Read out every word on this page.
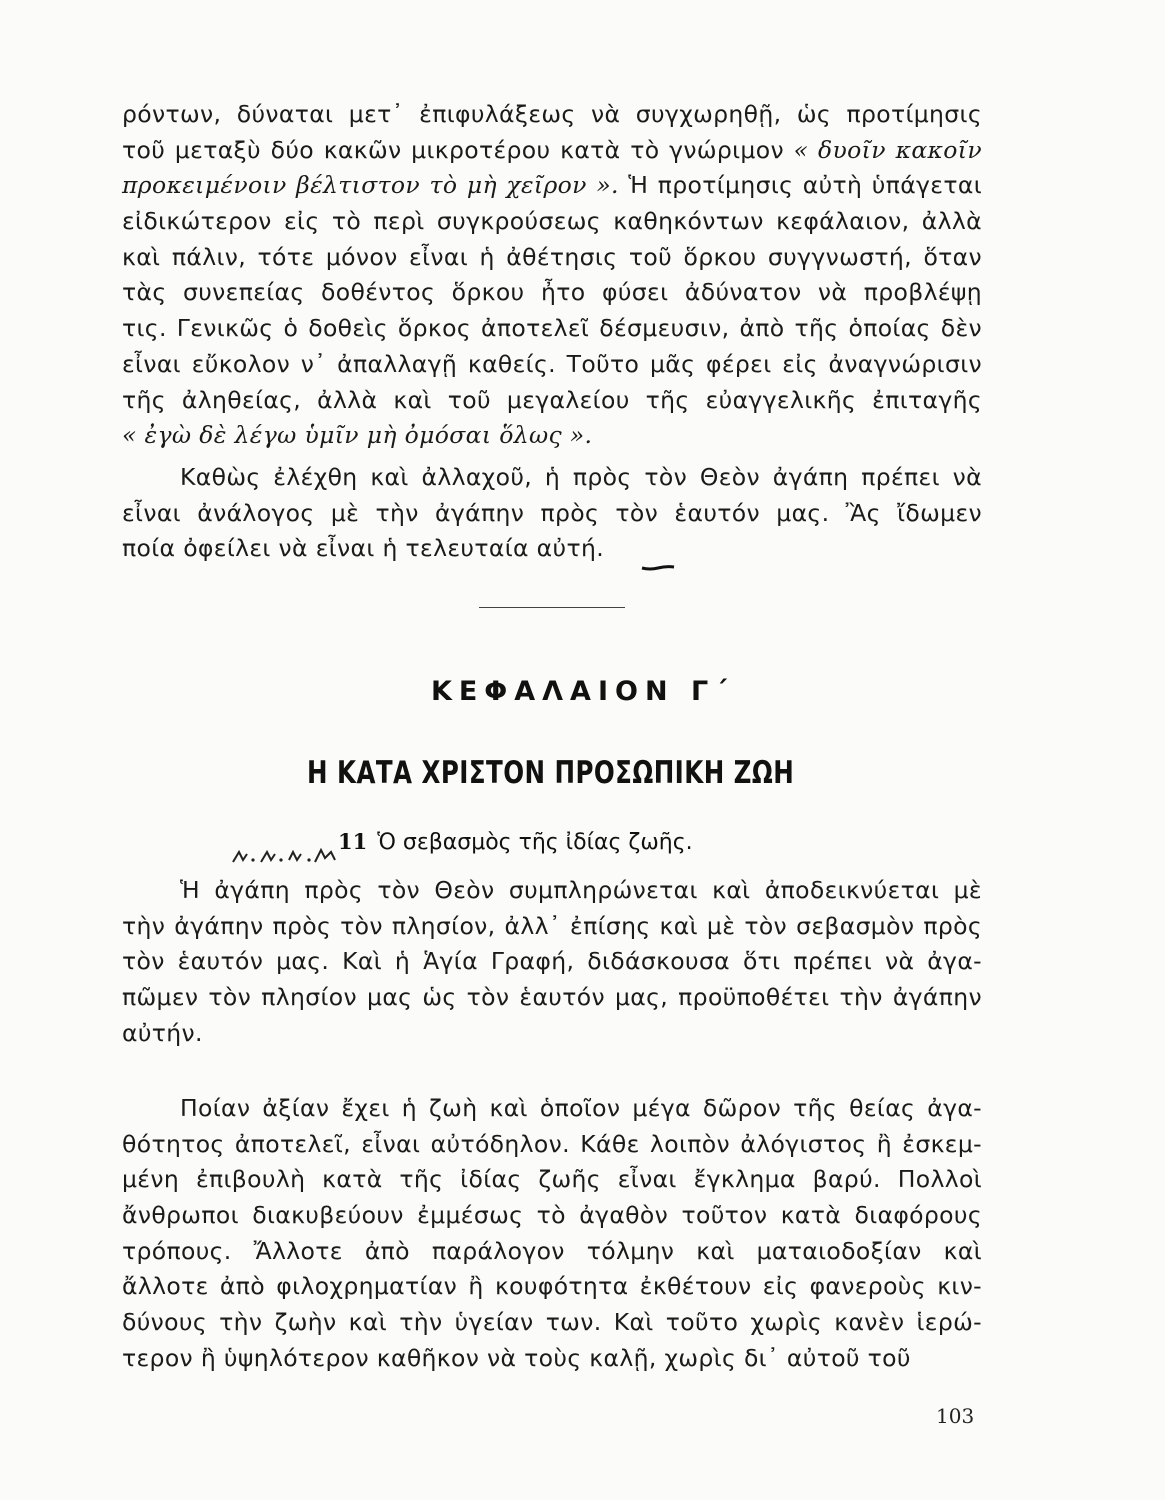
ρόντων, δύναται μετ᾽ ἐπιφυλάξεως νὰ συγχωρηθῇ, ὡς προτίμησις
τοῦ μεταξὺ δύο κακῶν μικροτέρου κατὰ τὸ γνώριμον « δυοῖν κακοῖν
προκειμένοιν βέλτιστον τὸ μὴ χεῖρον ». Ἡ προτίμησις αὐτὴ ὑπάγεται
εἰδικώτερον εἰς τὸ περὶ συγκρούσεως καθηκόντων κεφάλαιον, ἀλλὰ
καὶ πάλιν, τότε μόνον εἶναι ἡ ἀθέτησις τοῦ ὅρκου συγγνωστή, ὅταν
τὰς συνεπείας δοθέντος ὅρκου ἦτο φύσει ἀδύνατον νὰ προβλέψῃ
τις. Γενικῶς ὁ δοθεὶς ὅρκος ἀποτελεῖ δέσμευσιν, ἀπὸ τῆς ὁποίας δὲν
εἶναι εὔκολον ν᾽ ἀπαλλαγῇ καθείς. Τοῦτο μᾶς φέρει εἰς ἀναγνώρισιν
τῆς ἀληθείας, ἀλλὰ καὶ τοῦ μεγαλείου τῆς εὐαγγελικῆς ἐπιταγῆς
« ἐγὼ δὲ λέγω ὑμῖν μὴ ὀμόσαι ὅλως ».
Καθὼς ἐλέχθη καὶ ἀλλαχοῦ, ἡ πρὸς τὸν Θεὸν ἀγάπη πρέπει νὰ
εἶναι ἀνάλογος μὲ τὴν ἀγάπην πρὸς τὸν ἑαυτόν μας. Ἂς ἴδωμεν
ποία ὀφείλει νὰ εἶναι ἡ τελευταία αὐτή.
ΚΕΦΑΛΑΙΟΝ Γ΄
Η ΚΑΤΑ ΧΡΙΣΤΟΝ ΠΡΟΣΩΠΙΚΗ ΖΩΗ
11 Ὁ σεβασμὸς τῆς ἰδίας ζωῆς.
Ἡ ἀγάπη πρὸς τὸν Θεὸν συμπληρώνεται καὶ ἀποδεικνύεται μὲ
τὴν ἀγάπην πρὸς τὸν πλησίον, ἀλλ᾽ ἐπίσης καὶ μὲ τὸν σεβασμὸν πρὸς
τὸν ἑαυτόν μας. Καὶ ἡ Ἁγία Γραφή, διδάσκουσα ὅτι πρέπει νὰ ἀγα-
πῶμεν τὸν πλησίον μας ὡς τὸν ἑαυτόν μας, προϋποθέτει τὴν ἀγάπην
αὐτήν.
Ποίαν ἀξίαν ἔχει ἡ ζωὴ καὶ ὁποῖον μέγα δῶρον τῆς θείας ἀγα-
θότητος ἀποτελεῖ, εἶναι αὐτόδηλον. Κάθε λοιπὸν ἀλόγιστος ἢ ἐσκεμ-
μένη ἐπιβουλὴ κατὰ τῆς ἰδίας ζωῆς εἶναι ἔγκλημα βαρύ. Πολλοὶ
ἄνθρωποι διακυβεύουν ἐμμέσως τὸ ἀγαθὸν τοῦτον κατὰ διαφόρους
τρόπους. Ἄλλοτε ἀπὸ παράλογον τόλμην καὶ ματαιοδοξίαν καὶ
ἄλλοτε ἀπὸ φιλοχρηματίαν ἢ κουφότητα ἐκθέτουν εἰς φανεροὺς κιν-
δύνους τὴν ζωὴν καὶ τὴν ὑγείαν των. Καὶ τοῦτο χωρὶς κανὲν ἱερώ-
τερον ἢ ὑψηλότερον καθῆκον νὰ τοὺς καλῇ, χωρὶς δι᾽ αὐτοῦ τοῦ
103
